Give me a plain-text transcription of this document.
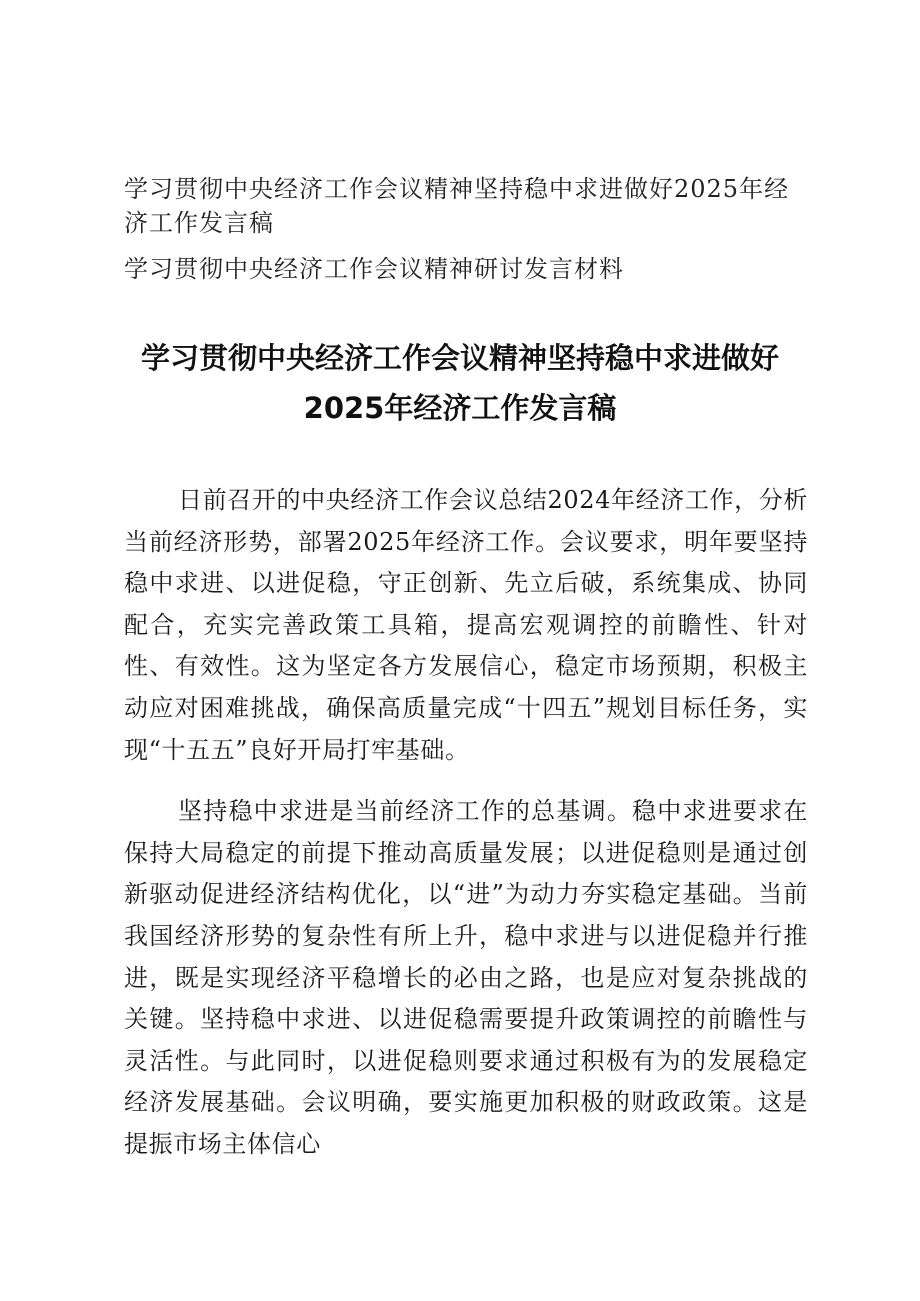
学习贯彻中央经济工作会议精神坚持稳中求进做好2025年经济工作发言稿

学习贯彻中央经济工作会议精神研讨发言材料

学习贯彻中央经济工作会议精神坚持稳中求进做好2025年经济工作发言稿

日前召开的中央经济工作会议总结2024年经济工作，分析当前经济形势，部署2025年经济工作。会议要求，明年要坚持稳中求进、以进促稳，守正创新、先立后破，系统集成、协同配合，充实完善政策工具箱，提高宏观调控的前瞻性、针对性、有效性。这为坚定各方发展信心，稳定市场预期，积极主动应对困难挑战，确保高质量完成“十四五”规划目标任务，实现“十五五”良好开局打牢基础。

坚持稳中求进是当前经济工作的总基调。稳中求进要求在保持大局稳定的前提下推动高质量发展；以进促稳则是通过创新驱动促进经济结构优化，以“进”为动力夯实稳定基础。当前我国经济形势的复杂性有所上升，稳中求进与以进促稳并行推进，既是实现经济平稳增长的必由之路，也是应对复杂挑战的关键。坚持稳中求进、以进促稳需要提升政策调控的前瞻性与灵活性。与此同时，以进促稳则要求通过积极有为的发展稳定经济发展基础。会议明确，要实施更加积极的财政政策。这是提振市场主体信心
